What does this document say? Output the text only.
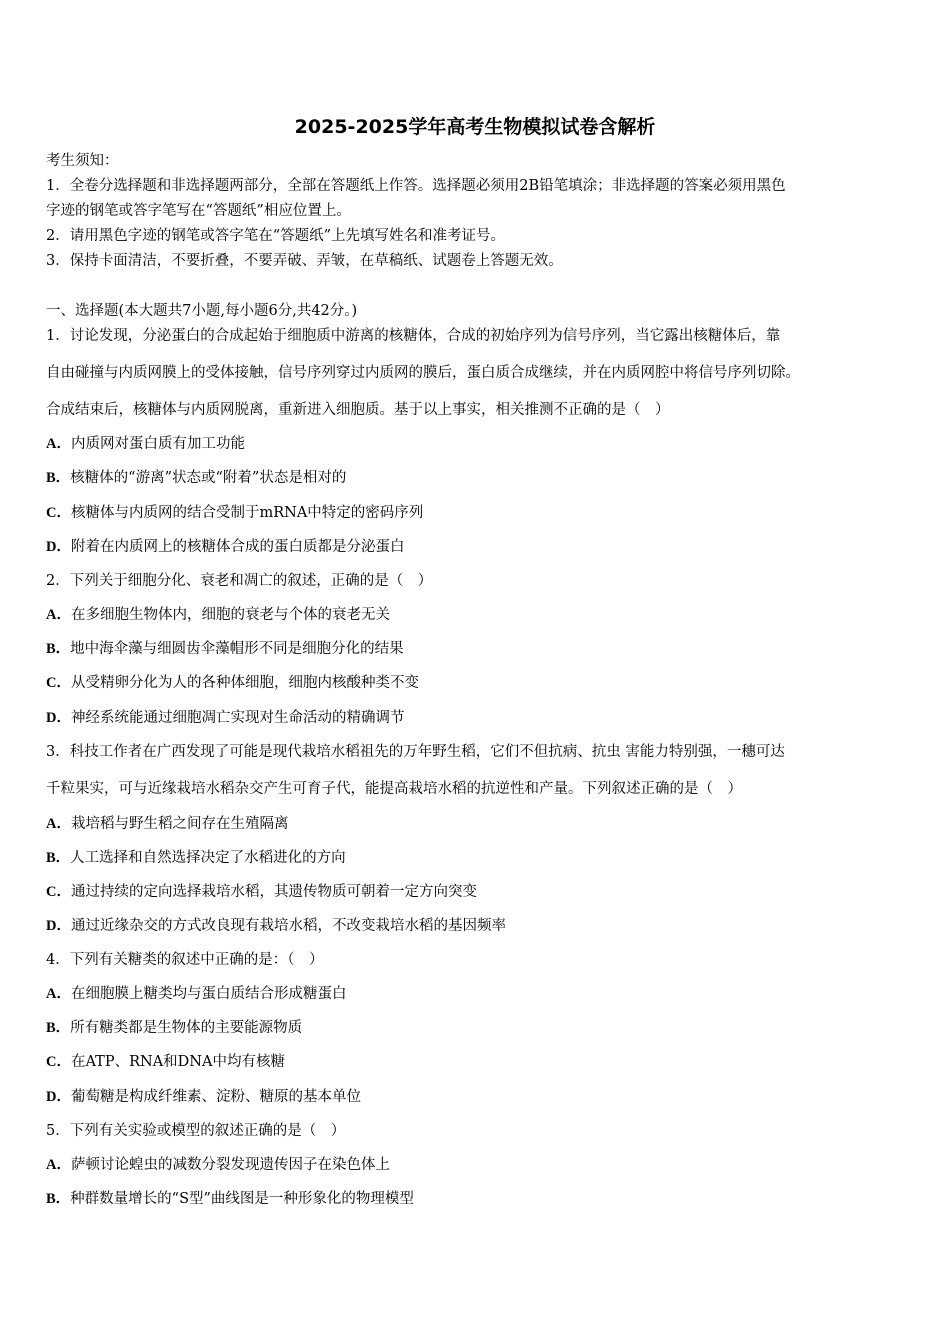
2025-2025学年高考生物模拟试卷含解析
考生须知：
1．全卷分选择题和非选择题两部分，全部在答题纸上作答。选择题必须用2B铅笔填涂；非选择题的答案必须用黑色
字迹的钢笔或答字笔写在“答题纸”相应位置上。
2．请用黑色字迹的钢笔或答字笔在“答题纸”上先填写姓名和准考证号。
3．保持卡面清洁，不要折叠，不要弄破、弄皱，在草稿纸、试题卷上答题无效。
一、选择题(本大题共7小题,每小题6分,共42分。)
1．讨论发现，分泌蛋白的合成起始于细胞质中游离的核糖体，合成的初始序列为信号序列，当它露出核糖体后，靠
自由碰撞与内质网膜上的受体接触，信号序列穿过内质网的膜后，蛋白质合成继续，并在内质网腔中将信号序列切除。
合成结束后，核糖体与内质网脱离，重新进入细胞质。基于以上事实，相关推测不正确的是（　）
A．内质网对蛋白质有加工功能
B．核糖体的“游离”状态或“附着”状态是相对的
C．核糖体与内质网的结合受制于mRNA中特定的密码序列
D．附着在内质网上的核糖体合成的蛋白质都是分泌蛋白
2．下列关于细胞分化、衰老和凋亡的叙述，正确的是（　）
A．在多细胞生物体内，细胞的衰老与个体的衰老无关
B．地中海伞藻与细圆齿伞藻帽形不同是细胞分化的结果
C．从受精卵分化为人的各种体细胞，细胞内核酸种类不变
D．神经系统能通过细胞凋亡实现对生命活动的精确调节
3．科技工作者在广西发现了可能是现代栽培水稻祖先的万年野生稻，它们不但抗病、抗虫 害能力特别强，一穗可达
千粒果实，可与近缘栽培水稻杂交产生可育子代，能提高栽培水稻的抗逆性和产量。下列叙述正确的是（　）
A．栽培稻与野生稻之间存在生殖隔离
B．人工选择和自然选择决定了水稻进化的方向
C．通过持续的定向选择栽培水稻，其遗传物质可朝着一定方向突变
D．通过近缘杂交的方式改良现有栽培水稻，不改变栽培水稻的基因频率
4．下列有关糖类的叙述中正确的是：（　）
A．在细胞膜上糖类均与蛋白质结合形成糖蛋白
B．所有糖类都是生物体的主要能源物质
C．在ATP、RNA和DNA中均有核糖
D．葡萄糖是构成纤维素、淀粉、糖原的基本单位
5．下列有关实验或模型的叙述正确的是（　）
A．萨顿讨论蝗虫的减数分裂发现遗传因子在染色体上
B．种群数量增长的“S型”曲线图是一种形象化的物理模型
